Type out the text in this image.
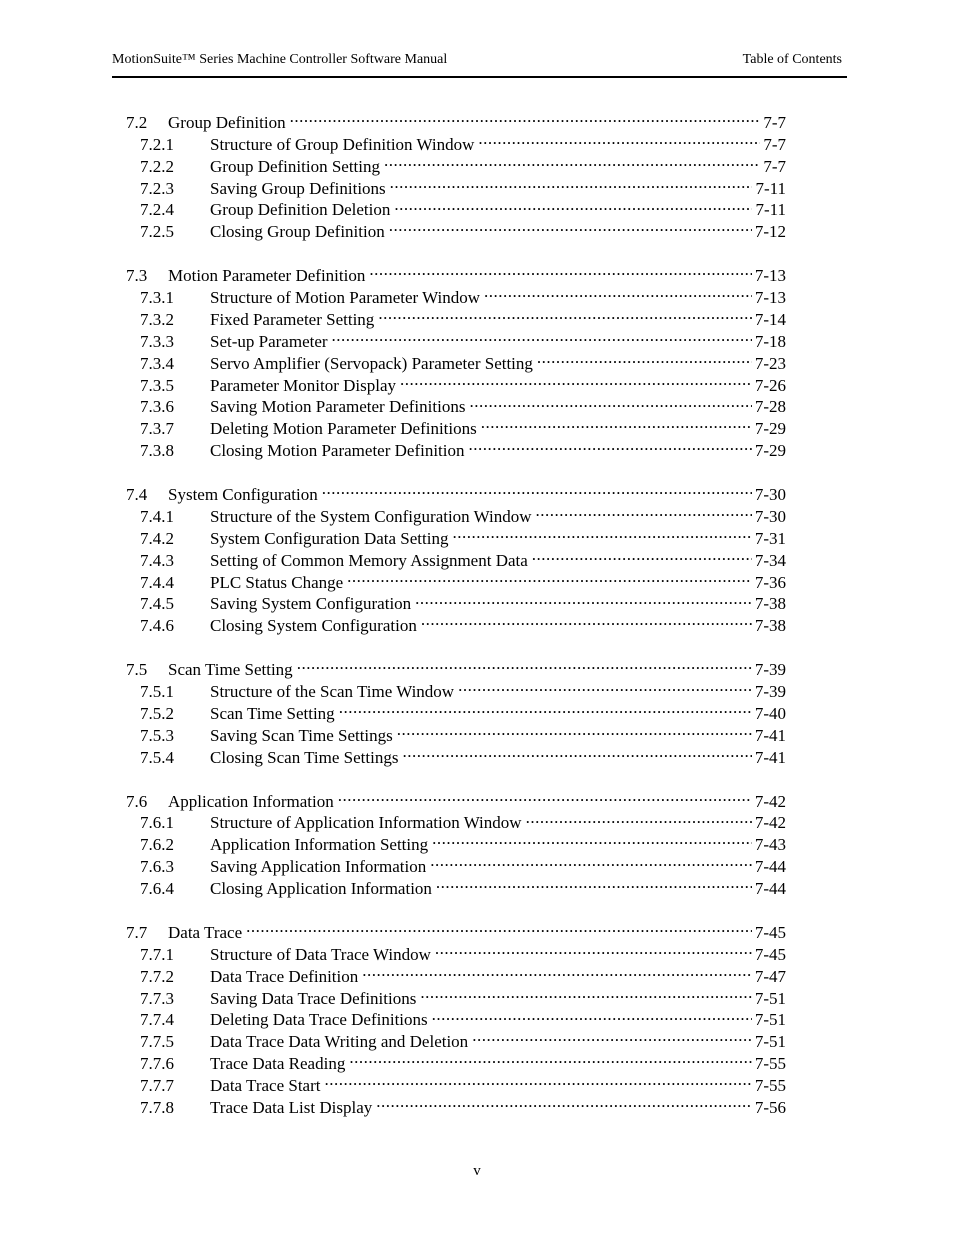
MotionSuite™ Series Machine Controller Software Manual	Table of Contents
7.2	Group Definition .....	7-7
7.2.1	Structure of Group Definition Window .....	7-7
7.2.2	Group Definition Setting .....	7-7
7.2.3	Saving Group Definitions .....	7-11
7.2.4	Group Definition Deletion .....	7-11
7.2.5	Closing Group Definition .....	7-12
7.3	Motion Parameter Definition .....	7-13
7.3.1	Structure of Motion Parameter Window .....	7-13
7.3.2	Fixed Parameter Setting .....	7-14
7.3.3	Set-up Parameter .....	7-18
7.3.4	Servo Amplifier (Servopack) Parameter Setting .....	7-23
7.3.5	Parameter Monitor Display .....	7-26
7.3.6	Saving Motion Parameter Definitions .....	7-28
7.3.7	Deleting Motion Parameter Definitions .....	7-29
7.3.8	Closing Motion Parameter Definition .....	7-29
7.4	System Configuration .....	7-30
7.4.1	Structure of the System Configuration Window .....	7-30
7.4.2	System Configuration Data Setting .....	7-31
7.4.3	Setting of Common Memory Assignment Data .....	7-34
7.4.4	PLC Status Change .....	7-36
7.4.5	Saving System Configuration .....	7-38
7.4.6	Closing System Configuration .....	7-38
7.5	Scan Time Setting .....	7-39
7.5.1	Structure of the Scan Time Window .....	7-39
7.5.2	Scan Time Setting .....	7-40
7.5.3	Saving Scan Time Settings .....	7-41
7.5.4	Closing Scan Time Settings .....	7-41
7.6	Application Information .....	7-42
7.6.1	Structure of Application Information Window .....	7-42
7.6.2	Application Information Setting .....	7-43
7.6.3	Saving Application Information .....	7-44
7.6.4	Closing Application Information .....	7-44
7.7	Data Trace .....	7-45
7.7.1	Structure of Data Trace Window .....	7-45
7.7.2	Data Trace Definition .....	7-47
7.7.3	Saving Data Trace Definitions .....	7-51
7.7.4	Deleting Data Trace Definitions .....	7-51
7.7.5	Data Trace Data Writing and Deletion .....	7-51
7.7.6	Trace Data Reading .....	7-55
7.7.7	Data Trace Start .....	7-55
7.7.8	Trace Data List Display .....	7-56
v
